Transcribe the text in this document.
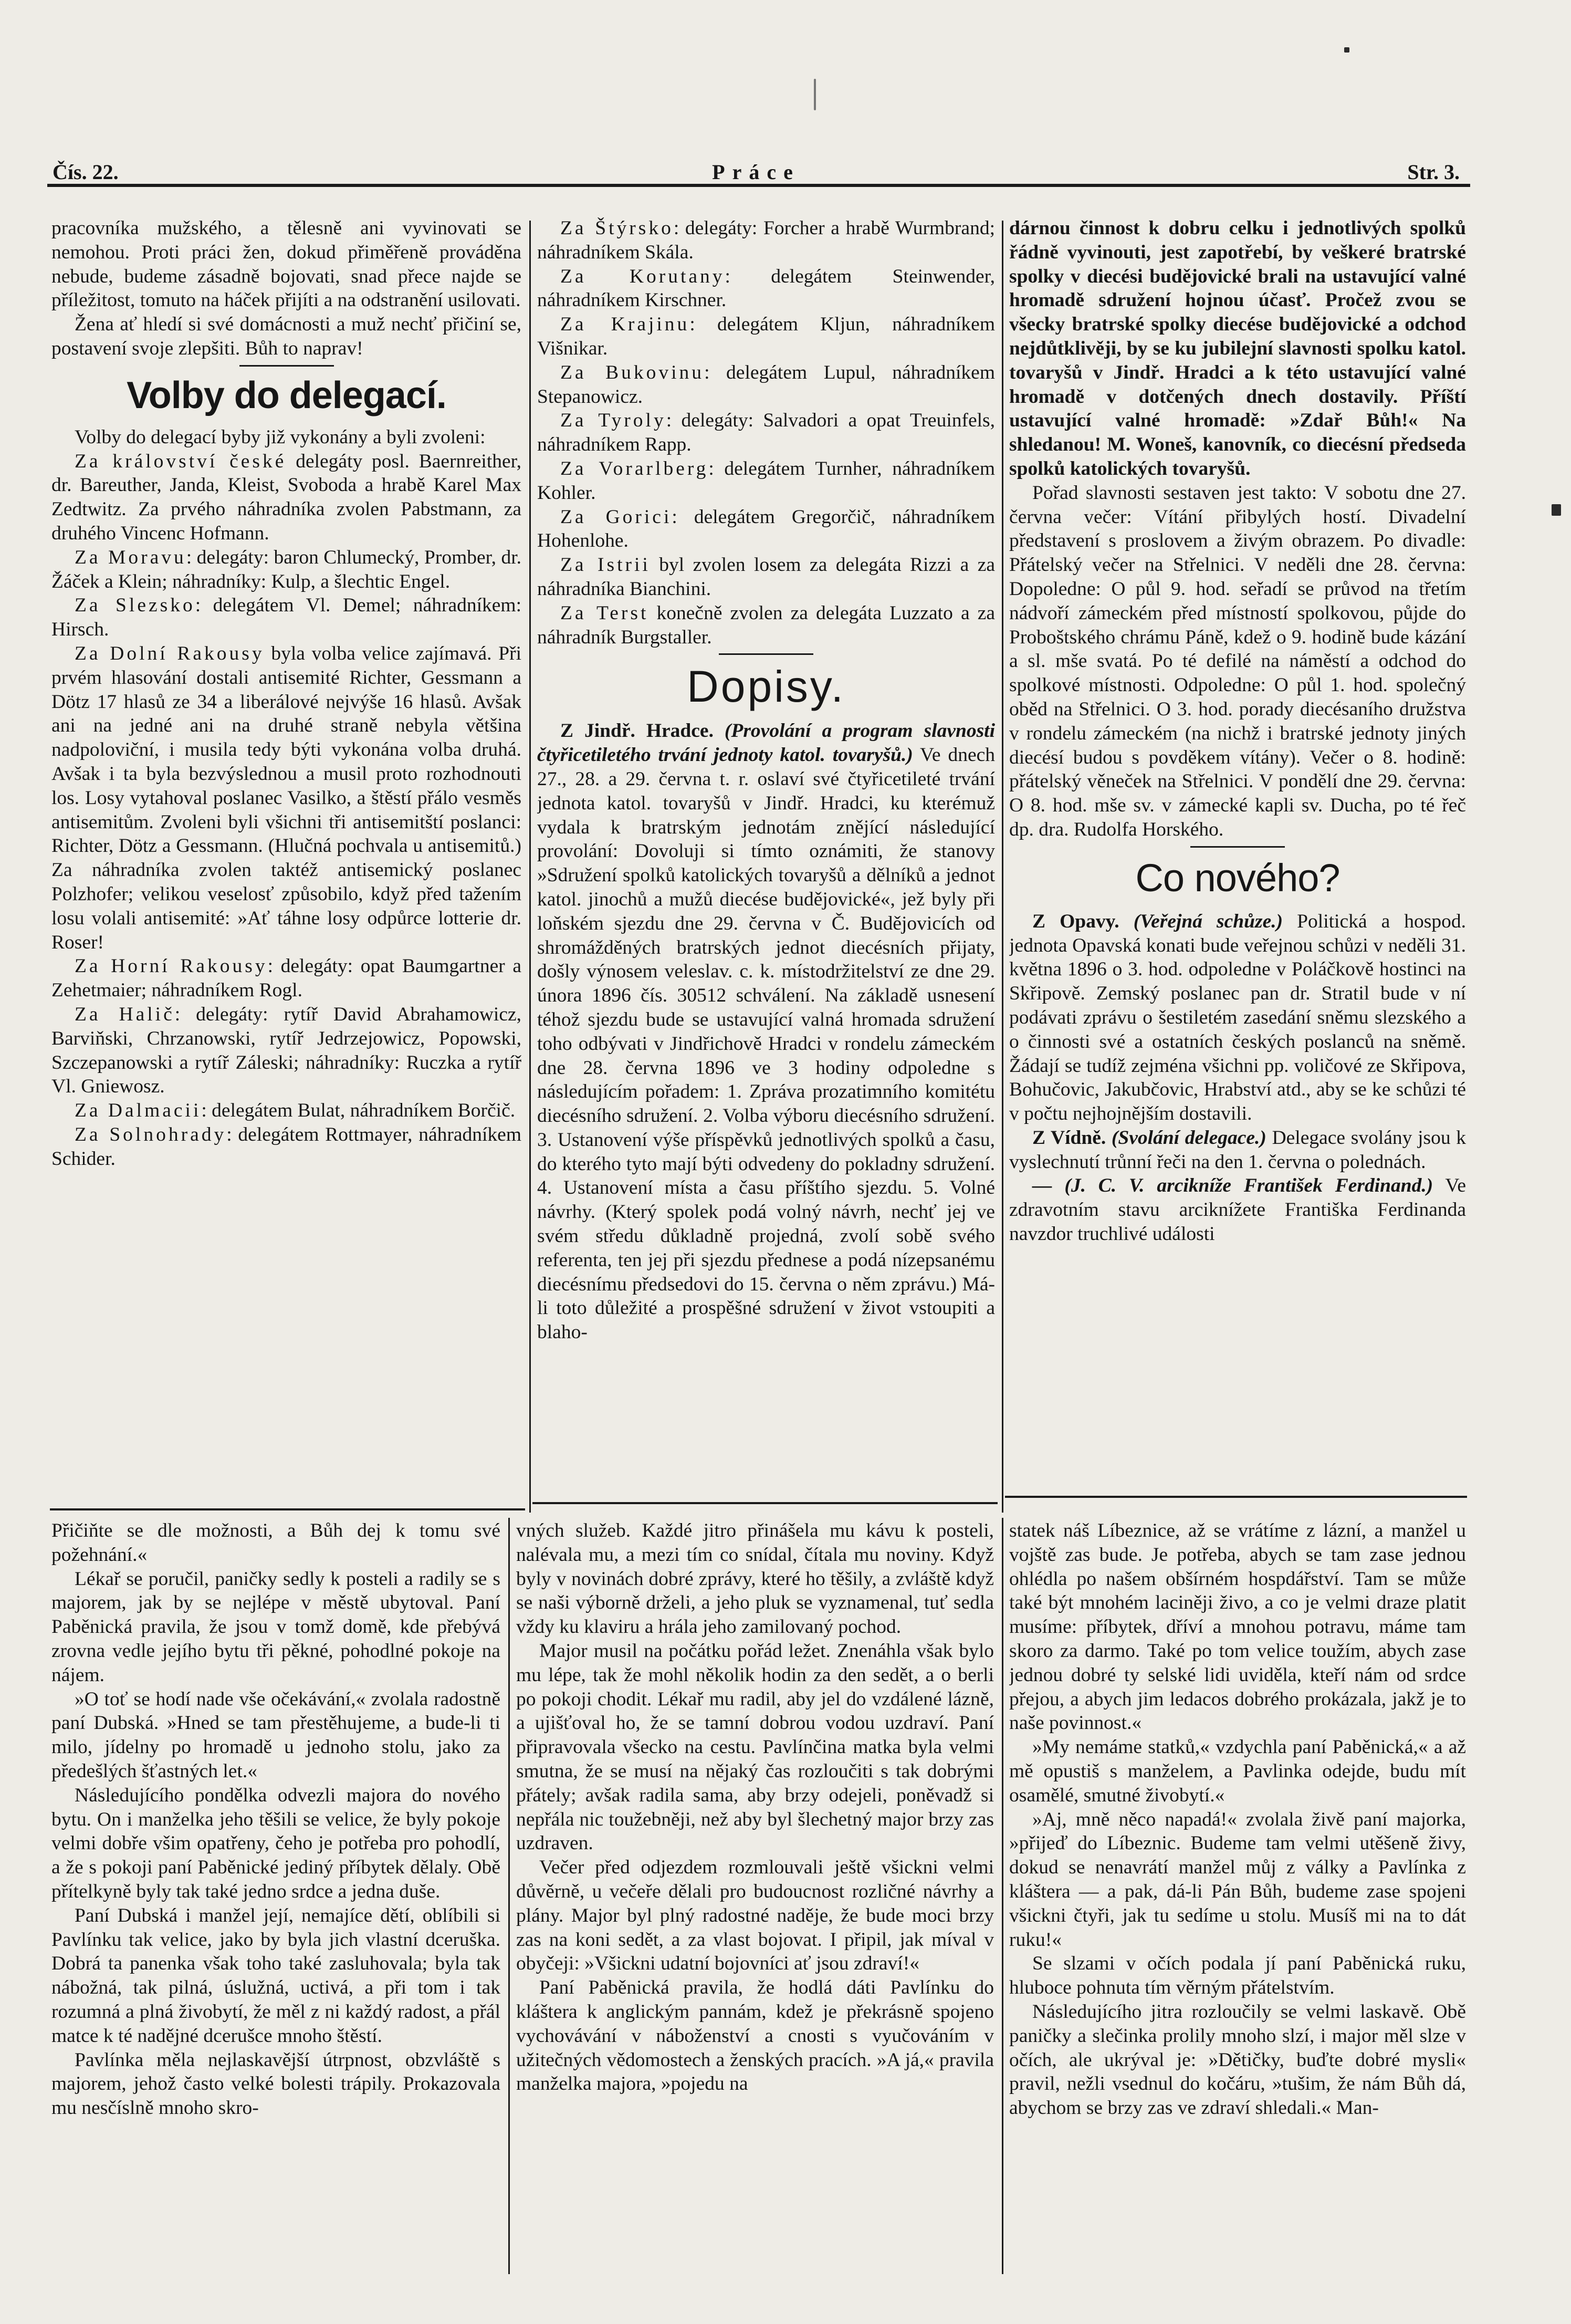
Čís. 22.	Práce	Str. 3.

pracovníka mužského, a tělesně ani vyvinovati se nemohou. Proti práci žen, dokud přiměřeně prováděna nebude, budeme zásadně bojovati, snad přece najde se příležitost, tomuto na háček přijíti a na odstranění usilovati.

Žena ať hledí si své domácnosti a muž nechť přičiní se, postavení svoje zlepšiti. Bůh to naprav!

Volby do delegací.

Volby do delegací byby již vykonány a byli zvoleni:

Za království české delegáty posl. Baernreither, dr. Bareuther, Janda, Kleist, Svoboda a hrabě Karel Max Zedtwitz. Za prvého náhradníka zvolen Pabstmann, za druhého Vincenc Hofmann.

Za Moravu: delegáty: baron Chlumecký, Promber, dr. Žáček a Klein; náhradníky: Kulp, a šlechtic Engel.

Za Slezsko: delegátem Vl. Demel; náhradníkem: Hirsch.

Za Dolní Rakousy byla volba velice zajímavá. Při prvém hlasování dostali antisemité Richter, Gessmann a Dötz 17 hlasů ze 34 a liberálové nejvýše 16 hlasů. Avšak ani na jedné ani na druhé straně nebyla většina nadpoloviční, i musila tedy býti vykonána volba druhá. Avšak i ta byla bezvýslednou a musil proto rozhodnouti los. Losy vytahoval poslanec Vasilko, a štěstí přálo vesměs antisemitům. Zvoleni byli všichni tři antisemitští poslanci: Richter, Dötz a Gessmann. (Hlučná pochvala u antisemitů.) Za náhradníka zvolen taktéž antisemický poslanec Polzhofer; velikou veselosť způsobilo, když před tažením losu volali antisemité: »Ať táhne losy odpůrce lotterie dr. Roser!

Za Horní Rakousy: delegáty: opat Baumgartner a Zehetmaier; náhradníkem Rogl.

Za Halič: delegáty: rytíř David Abrahamowicz, Barviňski, Chrzanowski, rytíř Jedrzejowicz, Popowski, Szczepanowski a rytíř Záleski; náhradníky: Ruczka a rytíř Vl. Gniewosz.

Za Dalmacii: delegátem Bulat, náhradníkem Borčič.

Za Solnohrady: delegátem Rottmayer, náhradníkem Schider.

Za Štýrsko: delegáty: Forcher a hrabě Wurmbrand; náhradníkem Skála.

Za Korutany: delegátem Steinwender, náhradníkem Kirschner.

Za Krajinu: delegátem Kljun, náhradníkem Višnikar.

Za Bukovinu: delegátem Lupul, náhradníkem Stepanowicz.

Za Tyroly: delegáty: Salvadori a opat Treuinfels, náhradníkem Rapp.

Za Vorarlberg: delegátem Turnher, náhradníkem Kohler.

Za Gorici: delegátem Gregorčič, náhradníkem Hohenlohe.

Za Istrii byl zvolen losem za delegáta Rizzi a za náhradníka Bianchini.

Za Terst konečně zvolen za delegáta Luzzato a za náhradník Burgstaller.

Dopisy.

Z Jindř. Hradce. (Provolání a program slavnosti čtyřicetiletého trvání jednoty katol. tovaryšů.) Ve dnech 27., 28. a 29. června t. r. oslaví své čtyřicetileté trvání jednota katol. tovaryšů v Jindř. Hradci, ku kterémuž vydala k bratrským jednotám znějící následující provolání: Dovoluji si tímto oznámiti, že stanovy »Sdružení spolků katolických tovaryšů a dělníků a jednot katol. jinochů a mužů diecése budějovické«, jež byly při loňském sjezdu dne 29. června v Č. Budějovicích od shromážděných bratrských jednot diecésních přijaty, došly výnosem veleslav. c. k. místodržitelství ze dne 29. února 1896 čís. 30512 schválení. Na základě usnesení téhož sjezdu bude se ustavující valná hromada sdružení toho odbývati v Jindřichově Hradci v rondelu zámeckém dne 28. června 1896 ve 3 hodiny odpoledne s následujícím pořadem: 1. Zpráva prozatimního komitétu diecésního sdružení. 2. Volba výboru diecésního sdružení. 3. Ustanovení výše příspěvků jednotlivých spolků a času, do kterého tyto mají býti odvedeny do pokladny sdružení. 4. Ustanovení místa a času příštího sjezdu. 5. Volné návrhy. (Který spolek podá volný návrh, nechť jej ve svém středu důkladně projedná, zvolí sobě svého referenta, ten jej při sjezdu přednese a podá nízepsanému diecésnímu předsedovi do 15. června o něm zprávu.) Má-li toto důležité a prospěšné sdružení v život vstoupiti a blaho-

dárnou činnost k dobru celku i jednotlivých spolků řádně vyvinouti, jest zapotřebí, by veškeré bratrské spolky v diecési budějovické brali na ustavující valné hromadě sdružení hojnou účasť. Pročež zvou se všecky bratrské spolky diecése budějovické a odchod nejdůtklivěji, by se ku jubilejní slavnosti spolku katol. tovaryšů v Jindř. Hradci a k této ustavující valné hromadě v dotčených dnech dostavily. Příští ustavující valné hromadě: »Zdař Bůh!« Na shledanou! M. Woneš, kanovník, co diecésní předseda spolků katolických tovaryšů.

Pořad slavnosti sestaven jest takto: V sobotu dne 27. června večer: Vítání přibylých hostí. Divadelní představení s proslovem a živým obrazem. Po divadle: Přátelský večer na Střelnici. V neděli dne 28. června: Dopoledne: O půl 9. hod. seřadí se průvod na třetím nádvoří zámeckém před místností spolkovou, půjde do Proboštského chrámu Páně, kdež o 9. hodině bude kázání a sl. mše svatá. Po té defilé na náměstí a odchod do spolkové místnosti. Odpoledne: O půl 1. hod. společný oběd na Střelnici. O 3. hod. porady diecésaního družstva v rondelu zámeckém (na nichž i bratrské jednoty jiných diecésí budou s povděkem vítány). Večer o 8. hodině: přátelský věneček na Střelnici. V pondělí dne 29. června: O 8. hod. mše sv. v zámecké kapli sv. Ducha, po té řeč dp. dra. Rudolfa Horského.

Co nového?

Z Opavy. (Veřejná schůze.) Politická a hospod. jednota Opavská konati bude veřejnou schůzi v neděli 31. května 1896 o 3. hod. odpoledne v Poláčkově hostinci na Skřipově. Zemský poslanec pan dr. Stratil bude v ní podávati zprávu o šestiletém zasedání sněmu slezského a o činnosti své a ostatních českých poslanců na sněmě. Žádají se tudíž zejména všichni pp. voličové ze Skřipova, Bohučovic, Jakubčovic, Hrabství atd., aby se ke schůzi té v počtu nejhojnějším dostavili.

Z Vídně. (Svolání delegace.) Delegace svolány jsou k vyslechnutí trůnní řeči na den 1. června o polednách.

— (J. C. V. arciknížе František Ferdinand.) Ve zdravotním stavu arciknížete Františka Ferdinanda navzdor truchlivé události

Přičiňte se dle možnosti, a Bůh dej k tomu své požehnání.«

Lékař se poručil, paničky sedly k posteli a radily se s majorem, jak by se nejlépe v městě ubytoval. Paní Paběnická pravila, že jsou v tomž domě, kde přebývá zrovna vedle jejího bytu tři pěkné, pohodlné pokoje na nájem.

»O toť se hodí nade vše očekávání,« zvolala radostně paní Dubská. »Hned se tam přestěhujeme, a bude-li ti milo, jídelny po hromadě u jednoho stolu, jako za předešlých šťastných let.«

Následujícího pondělka odvezli majora do nového bytu. On i manželka jeho těšili se velice, že byly pokoje velmi dobře všim opatřeny, čeho je potřeba pro pohodlí, a že s pokoji paní Paběnické jediný příbytek dělaly. Obě přítelkyně byly tak také jedno srdce a jedna duše.

Paní Dubská i manžel její, nemajíce dětí, oblíbili si Pavlínku tak velice, jako by byla jich vlastní dceruška. Dobrá ta panenka však toho také zasluhovala; byla tak nábožná, tak pilná, úslužná, uctivá, a při tom i tak rozumná a plná živobytí, že měl z ni každý radost, a přál matce k té nadějné dcerušce mnoho štěstí.

Pavlínka měla nejlaskavější útrpnost, obzvláště s majorem, jehož často velké bolesti trápily. Prokazovala mu nesčíslně mnoho skro-

vných služeb. Každé jitro přinášela mu kávu k posteli, nalévala mu, a mezi tím co snídal, čítala mu noviny. Když byly v novinách dobré zprávy, které ho těšily, a zvláště když se naši výborně drželi, a jeho pluk se vyznamenal, tuť sedla vždy ku klaviru a hrála jeho zamilovaný pochod.

Major musil na počátku pořád ležet. Znenáhla však bylo mu lépe, tak že mohl několik hodin za den sedět, a o berli po pokoji chodit. Lékař mu radil, aby jel do vzdálené lázně, a ujišťoval ho, že se tamní dobrou vodou uzdraví. Paní připravovala všecko na cestu. Pavlínčina matka byla velmi smutna, že se musí na nějaký čas rozloučiti s tak dobrými přátely; avšak radila sama, aby brzy odejeli, poněvadž si nepřála nic toužebněji, než aby byl šlechetný major brzy zas uzdraven.

Večer před odjezdem rozmlouvali ještě všickni velmi důvěrně, u večeře dělali pro budoucnost rozličné návrhy a plány. Major byl plný radostné naděje, že bude moci brzy zas na koni sedět, a za vlast bojovat. I připil, jak míval v obyčeji: »Všickni udatní bojovníci ať jsou zdraví!«

Paní Paběnická pravila, že hodlá dáti Pavlínku do kláštera k anglickým pannám, kdež je překrásně spojeno vychovávání v náboženství a cnosti s vyučováním v užitečných vědomostech a ženských pracích. »A já,« pravila manželka majora, »pojedu na

statek náš Líbeznice, až se vrátíme z lázní, a manžel u vojště zas bude. Je potřeba, abych se tam zase jednou ohlédla po našem obšírném hospdářství. Tam se může také být mnohém laciněji živo, a co je velmi draze platit musíme: příbytek, dříví a mnohou potravu, máme tam skoro za darmo. Také po tom velice toužím, abych zase jednou dobré ty selské lidi uviděla, kteří nám od srdce přejou, a abych jim ledacos dobrého prokázala, jakž je to naše povinnost.«

»My nemáme statků,« vzdychla paní Paběnická,« a až mě opustiš s manželem, a Pavlinka odejde, budu mít osamělé, smutné živobytí.«

»Aj, mně něco napadá!« zvolala živě paní majorka, »přijeď do Líbeznic. Budeme tam velmi utěšeně živy, dokud se nenavrátí manžel můj z války a Pavlínka z kláštera — a pak, dá-li Pán Bůh, budeme zase spojeni všickni čtyři, jak tu sedíme u stolu. Musíš mi na to dát ruku!«

Se slzami v očích podala jí paní Paběnická ruku, hluboce pohnuta tím věrným přátelstvím.

Následujícího jitra rozloučily se velmi laskavě. Obě paničky a slečinka prolily mnoho slzí, i major měl slze v očích, ale ukrýval je: »Dětičky, buďte dobré mysli« pravil, nežli vsednul do kočáru, »tušim, že nám Bůh dá, abychom se brzy zas ve zdraví shledali.« Man-
